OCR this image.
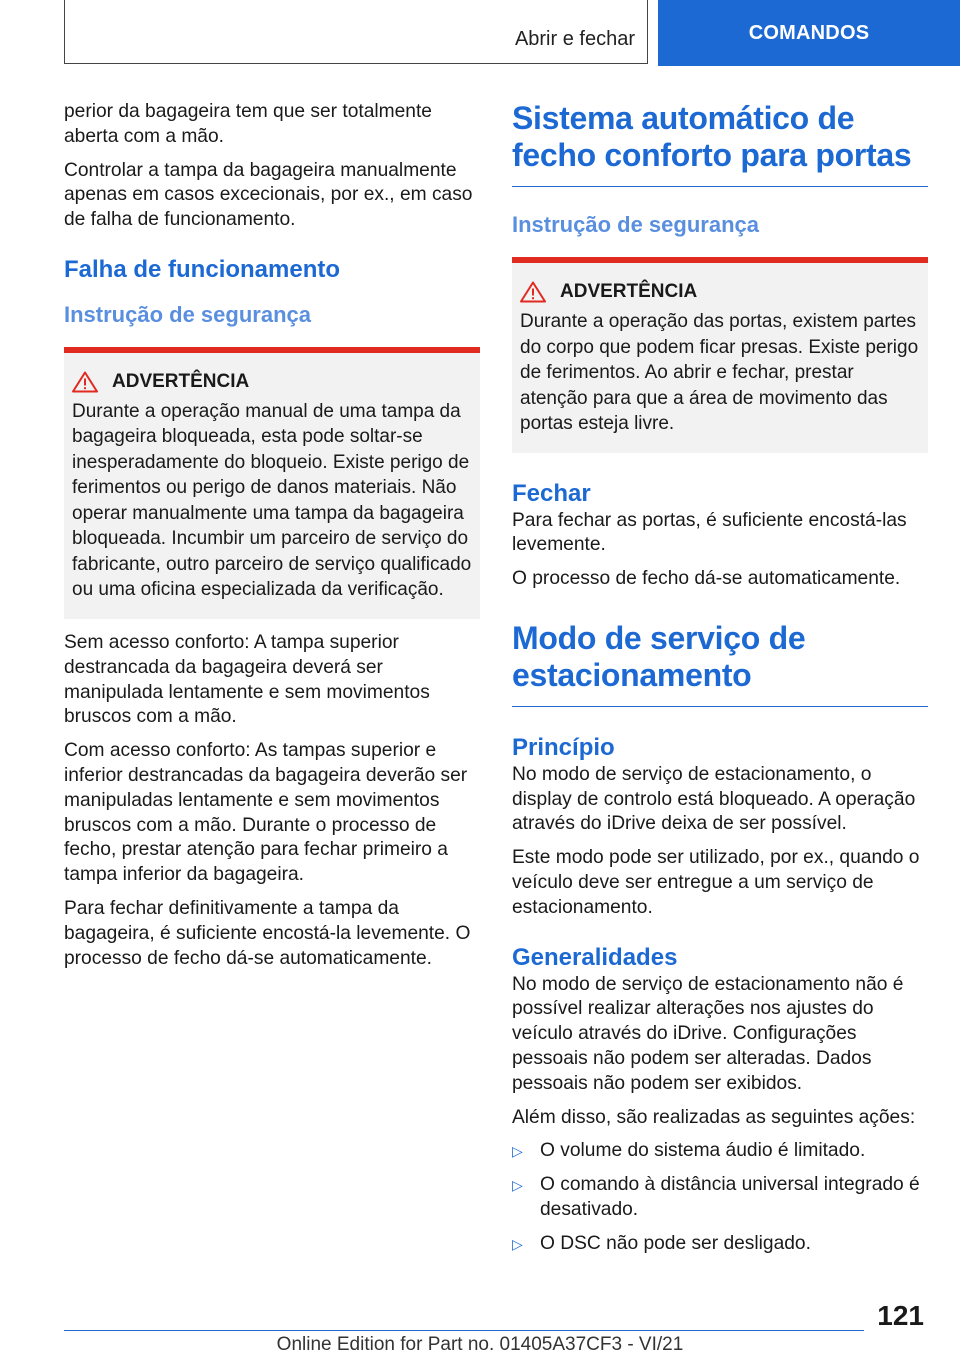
Abrir e fechar	COMANDOS

perior da bagageira tem que ser totalmente aberta com a mão.

Controlar a tampa da bagageira manualmente apenas em casos excecionais, por ex., em caso de falha de funcionamento.

Falha de funcionamento
Instrução de segurança
ADVERTÊNCIA

Durante a operação manual de uma tampa da bagageira bloqueada, esta pode soltar-se inesperadamente do bloqueio. Existe perigo de ferimentos ou perigo de danos materiais. Não operar manualmente uma tampa da bagageira bloqueada. Incumbir um parceiro de serviço do fabricante, outro parceiro de serviço qualificado ou uma oficina especializada da verificação.

Sem acesso conforto: A tampa superior destrancada da bagageira deverá ser manipulada lentamente e sem movimentos bruscos com a mão.

Com acesso conforto: As tampas superior e inferior destrancadas da bagageira deverão ser manipuladas lentamente e sem movimentos bruscos com a mão. Durante o processo de fecho, prestar atenção para fechar primeiro a tampa inferior da bagageira.

Para fechar definitivamente a tampa da bagageira, é suficiente encostá-la levemente. O processo de fecho dá-se automaticamente.

Sistema automático de fecho conforto para portas
Instrução de segurança
ADVERTÊNCIA

Durante a operação das portas, existem partes do corpo que podem ficar presas. Existe perigo de ferimentos. Ao abrir e fechar, prestar atenção para que a área de movimento das portas esteja livre.

Fechar

Para fechar as portas, é suficiente encostá-las levemente.

O processo de fecho dá-se automaticamente.

Modo de serviço de estacionamento
Princípio

No modo de serviço de estacionamento, o display de controlo está bloqueado. A operação através do iDrive deixa de ser possível.

Este modo pode ser utilizado, por ex., quando o veículo deve ser entregue a um serviço de estacionamento.

Generalidades

No modo de serviço de estacionamento não é possível realizar alterações nos ajustes do veículo através do iDrive. Configurações pessoais não podem ser alteradas. Dados pessoais não podem ser exibidos.

Além disso, são realizadas as seguintes ações:

▷ O volume do sistema áudio é limitado.
▷ O comando à distância universal integrado é desativado.
▷ O DSC não pode ser desligado.
121
Online Edition for Part no. 01405A37CF3 - VI/21
